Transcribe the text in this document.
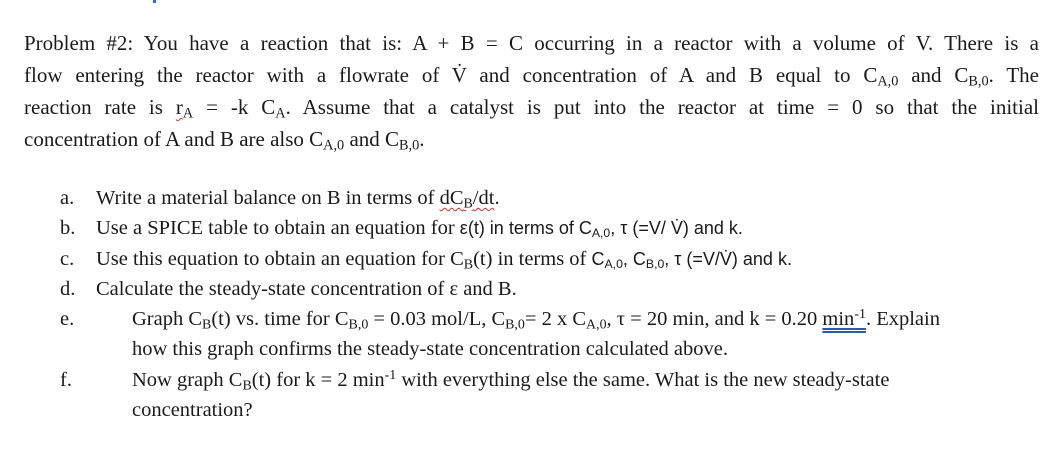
Problem #2: You have a reaction that is: A + B = C occurring in a reactor with a volume of V. There is a
flow entering the reactor with a flowrate of V̇ and concentration of A and B equal to $C_{A,0}$ and $C_{B,0}$. The
reaction rate is $r_A = -k$ $C_A$. Assume that a catalyst is put into the reactor at time = 0 so that the initial
concentration of A and B are also $C_{A,0}$ and $C_{B,0}$.
a.	Write a material balance on B in terms of $dC_B/dt$.
b.	Use a SPICE table to obtain an equation for ε(t) in terms of $C_{A,0}$, τ (=V/ V̇) and k.
c.	Use this equation to obtain an equation for $C_B(t)$ in terms of $C_{A,0}$, $C_{B,0}$, τ (=V/V̇) and k.
d.	Calculate the steady-state concentration of ε and B.
e.	Graph $C_B(t)$ vs. time for $C_{B,0} = 0.03$ mol/L, $C_{B,0}= 2$ x $C_{A,0}$, τ = 20 min, and k = 0.20 $\min^{-1}$. Explain
how this graph confirms the steady-state concentration calculated above.
f.	Now graph $C_B(t)$ for k = 2 $\min^{-1}$ with everything else the same. What is the new steady-state
concentration?
